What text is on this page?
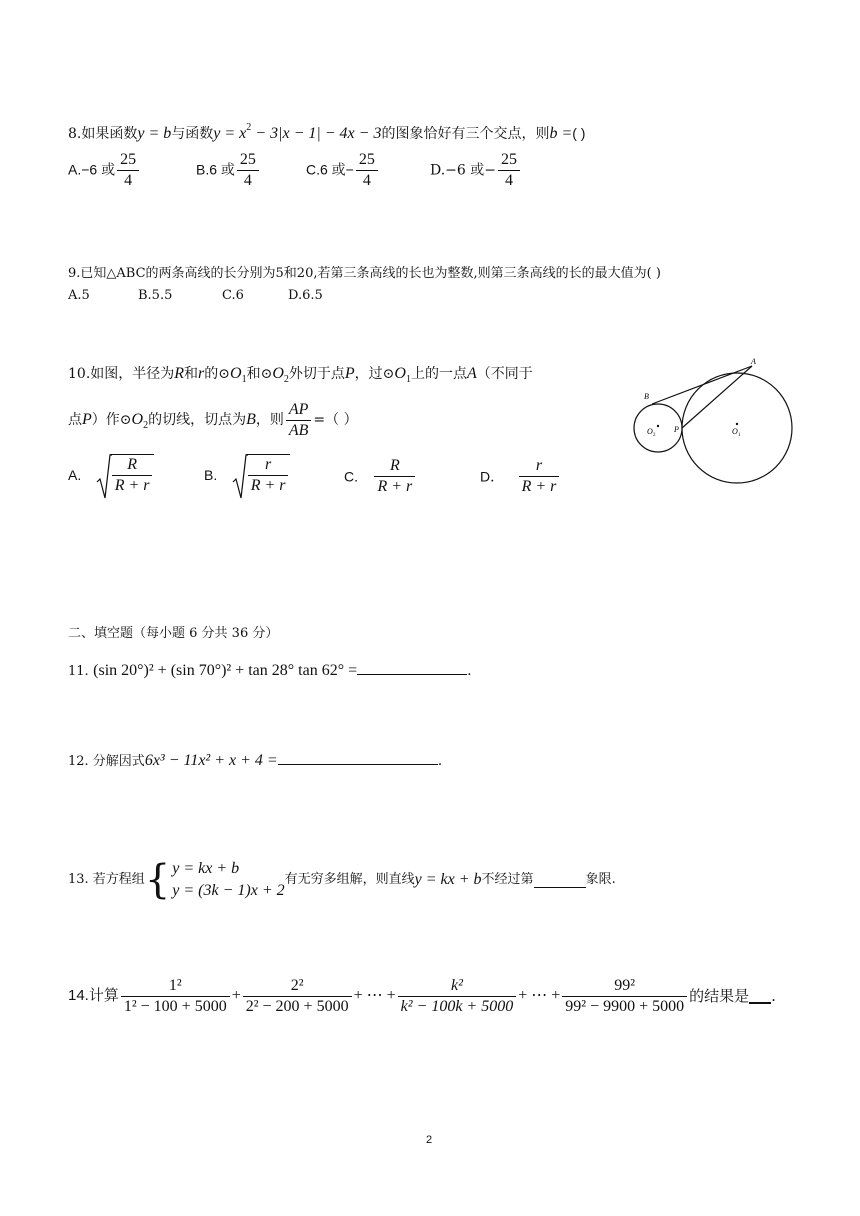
8.如果函数y = b与函数$y = x^2 - 3|x - 1| - 4x - 3$的图象恰好有三个交点，则b =( )
A.−6 或 $\frac{25}{4}$	B.6 或 $\frac{25}{4}$	C.6 或− $\frac{25}{4}$	D.−6 或− $\frac{25}{4}$
9.已知△ABC的两条高线的长分别为5和20,若第三条高线的长也为整数,则第三条高线的长的最大值为( )
A.5	B.5.5	C.6	D.6.5
10.如图，半径为R和r的$⊙O_1$和$⊙O_2$外切于点P，过$⊙O_1$上的一点A（不同于
点P）作$⊙O_2$的切线，切点为B，则 $\frac{AP}{AB}$ =（ ）
A. $\frac{R}{R + r}$	B. $\frac{r}{R + r}$	C. $\frac{R}{R + r}$	D． $\frac{r}{R + r}$
A
B
P
O 2	O 1
二、填空题（每小题 6 分共 36 分）
11. (sin 20°)² + (sin 70°)² + tan 28° tan 62° =	.
12. 分解因式6x³ − 11x² + x + 4 =	.
13. 若方程组{ y = kx + b
y = (3k − 1)x + 2
有无穷多组解，则直线y = kx + b不经过第	象限.
14.计算 $\frac{\text{1²}}{\text{1² − 100 + 5000}} + \frac{\text{2²}}{\text{2² − 200 + 5000}}$ + ⋯ + $\frac{\text{k²}}{\text{k² − 100k + 5000}}$ + ⋯ + $\frac{\text{99²}}{\text{99² − 9900 + 5000}}$ 的结果是 .
2
